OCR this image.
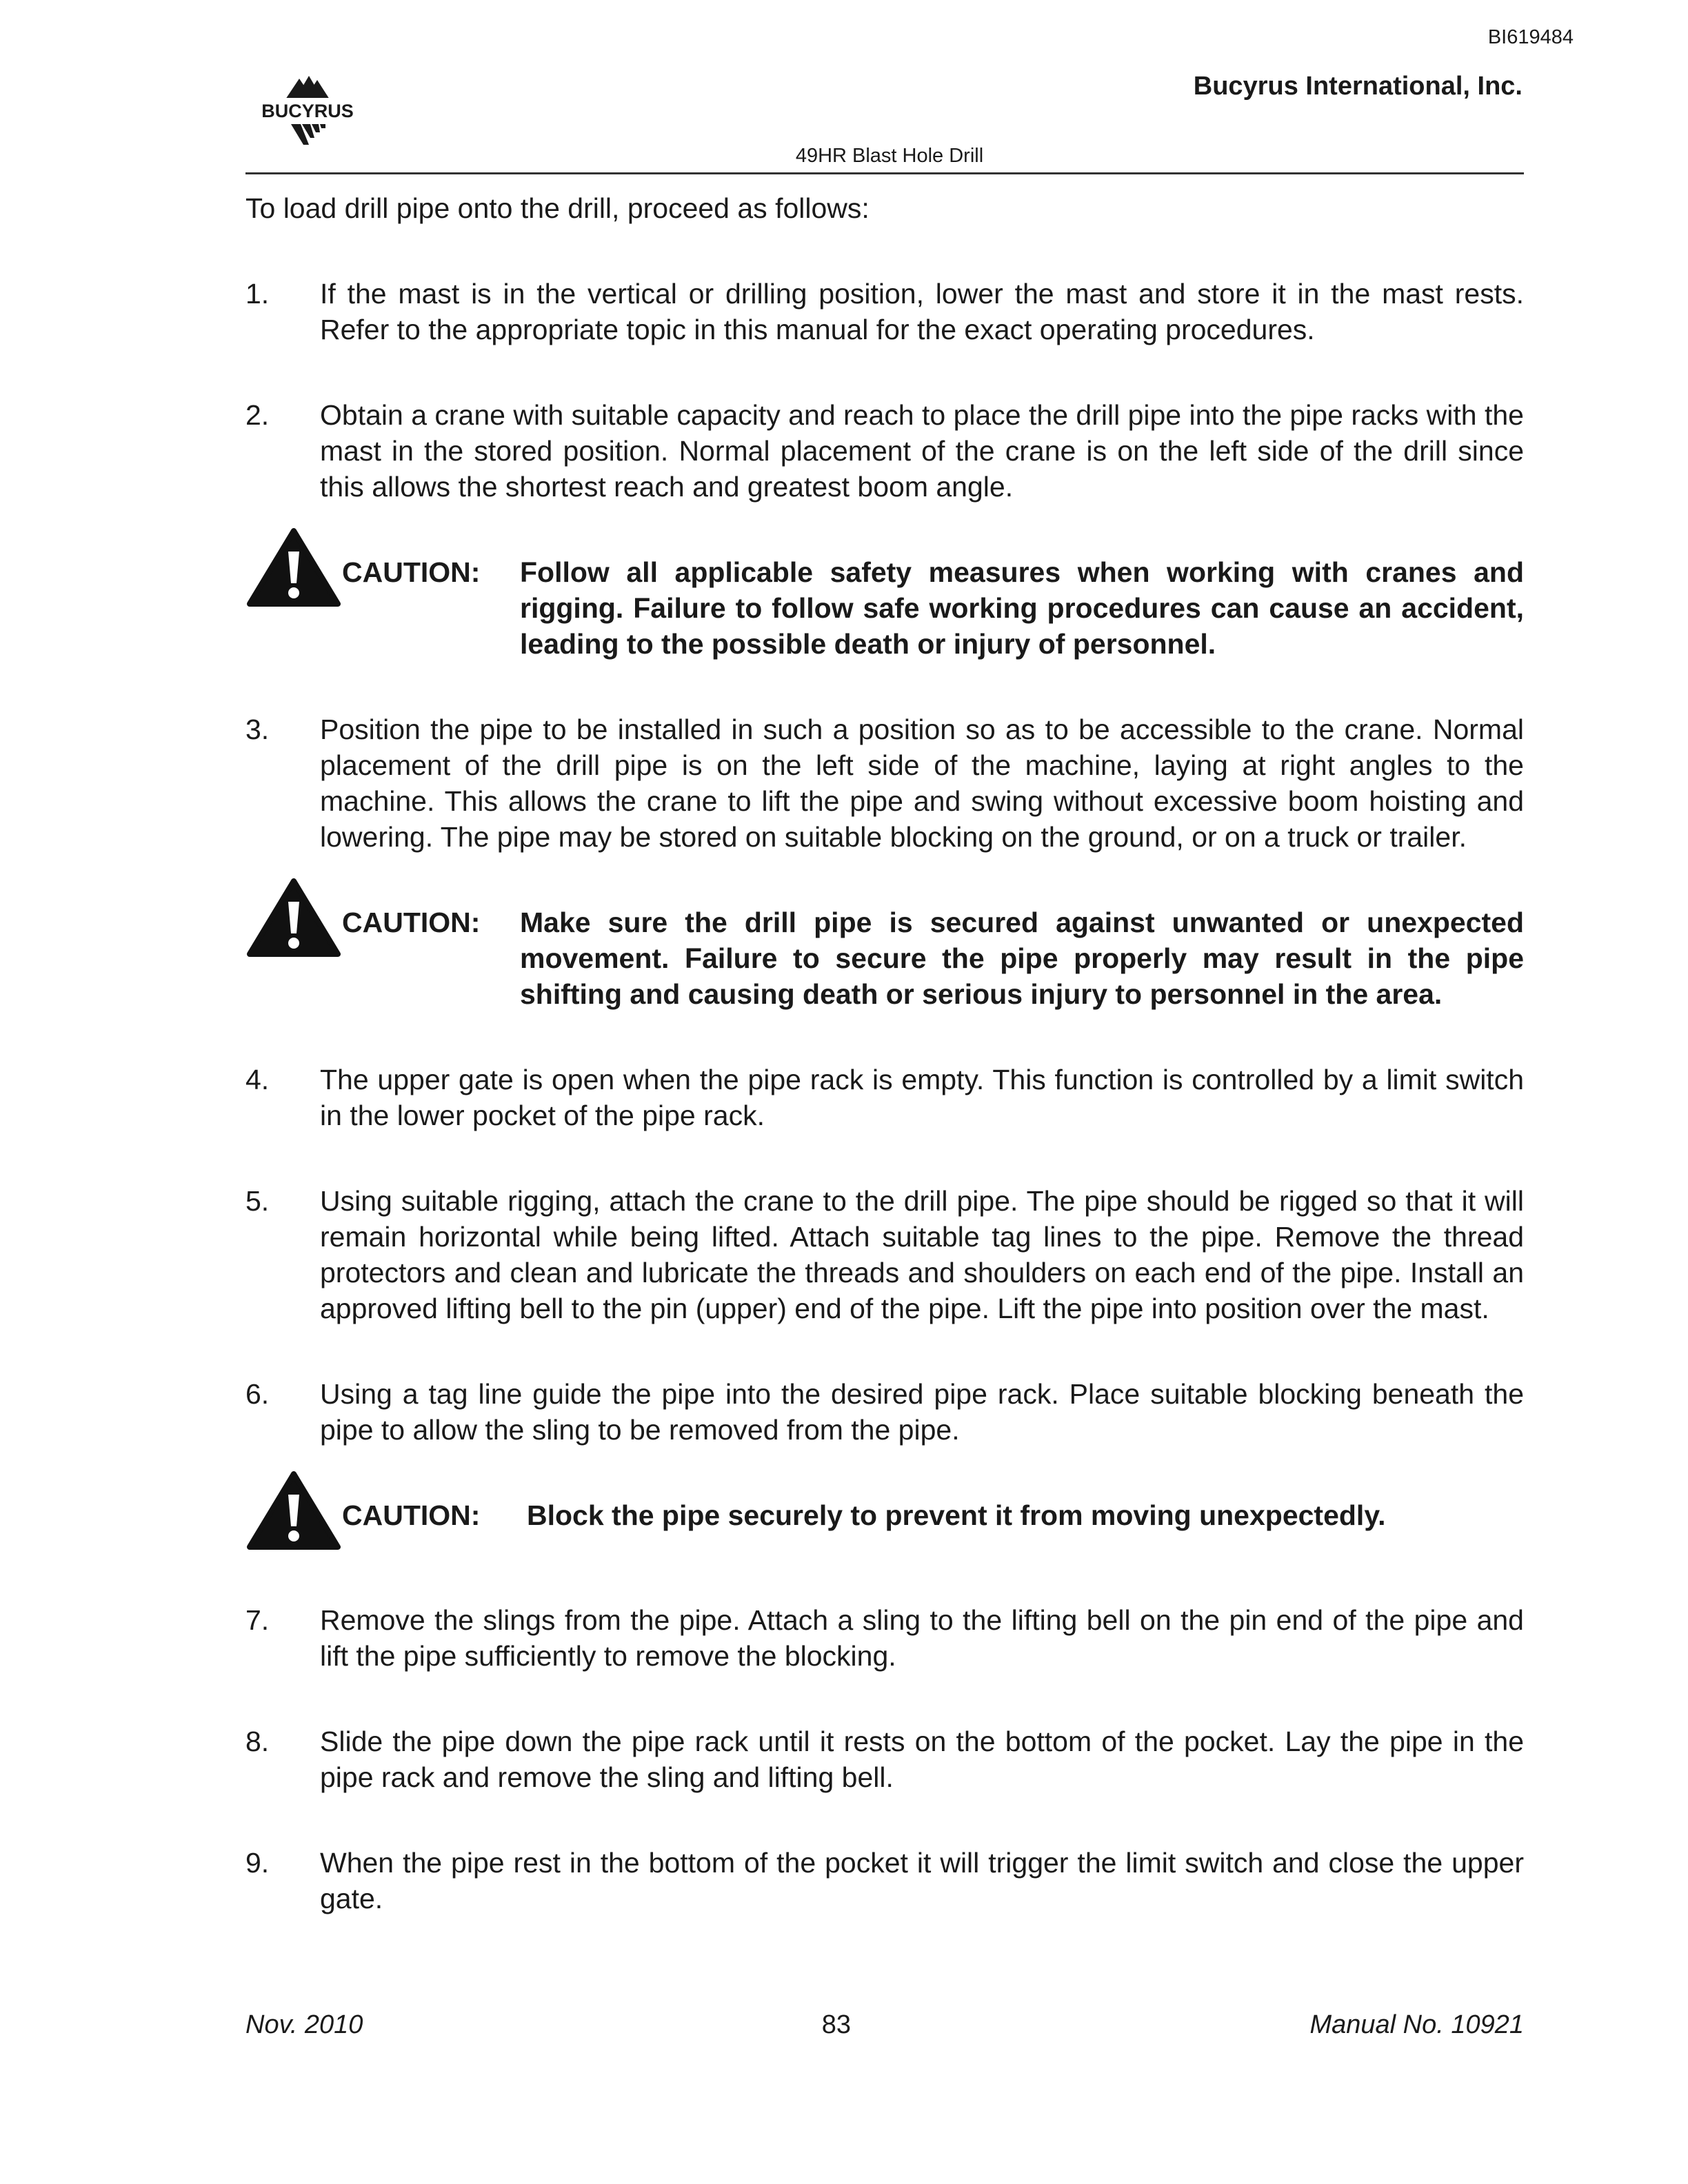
BI619484
BUCYRUS
Bucyrus International, Inc.
49HR Blast Hole Drill
To load drill pipe onto the drill, proceed as follows:
1.	If the mast is in the vertical or drilling position, lower the mast and store it in the mast rests. Refer to the appropriate topic in this manual for the exact operating procedures.
2.	Obtain a crane with suitable capacity and reach to place the drill pipe into the pipe racks with the mast in the stored position. Normal placement of the crane is on the left side of the drill since this allows the shortest reach and greatest boom angle.
CAUTION:	Follow all applicable safety measures when working with cranes and rigging. Failure to follow safe working procedures can cause an accident, leading to the possible death or injury of personnel.
3.	Position the pipe to be installed in such a position so as to be accessible to the crane. Normal placement of the drill pipe is on the left side of the machine, laying at right angles to the machine. This allows the crane to lift the pipe and swing without excessive boom hoisting and lowering. The pipe may be stored on suitable blocking on the ground, or on a truck or trailer.
CAUTION:	Make sure the drill pipe is secured against unwanted or unexpected movement. Failure to secure the pipe properly may result in the pipe shifting and causing death or serious injury to personnel in the area.
4.	The upper gate is open when the pipe rack is empty. This function is controlled by a limit switch in the lower pocket of the pipe rack.
5.	Using suitable rigging, attach the crane to the drill pipe. The pipe should be rigged so that it will remain horizontal while being lifted. Attach suitable tag lines to the pipe. Remove the thread protectors and clean and lubricate the threads and shoulders on each end of the pipe. Install an approved lifting bell to the pin (upper) end of the pipe. Lift the pipe into position over the mast.
6.	Using a tag line guide the pipe into the desired pipe rack. Place suitable blocking beneath the pipe to allow the sling to be removed from the pipe.
CAUTION:	Block the pipe securely to prevent it from moving unexpectedly.
7.	Remove the slings from the pipe. Attach a sling to the lifting bell on the pin end of the pipe and lift the pipe sufficiently to remove the blocking.
8.	Slide the pipe down the pipe rack until it rests on the bottom of the pocket. Lay the pipe in the pipe rack and remove the sling and lifting bell.
9.	When the pipe rest in the bottom of the pocket it will trigger the limit switch and close the upper gate.
Nov. 2010	83	Manual No. 10921
